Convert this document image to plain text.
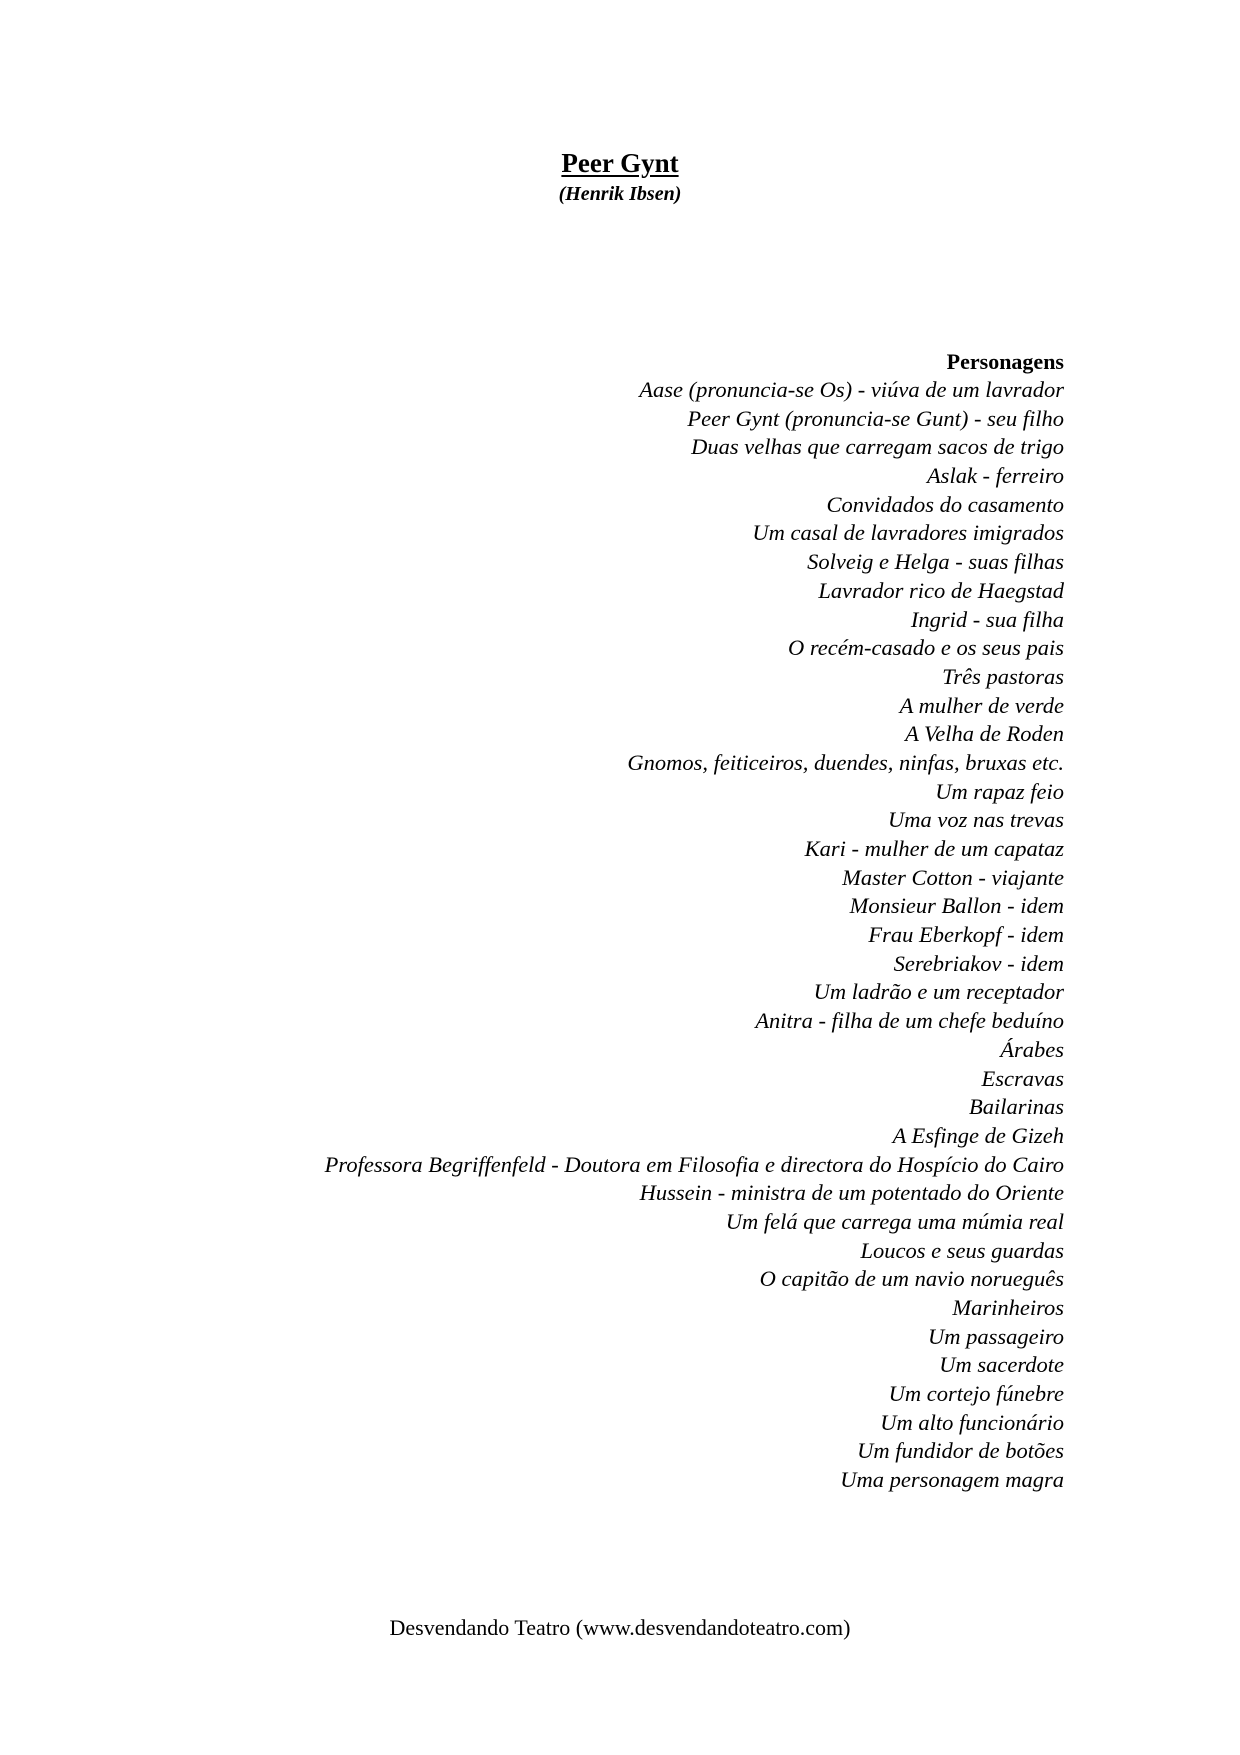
Peer Gynt
(Henrik Ibsen)
Personagens
Aase (pronuncia-se Os) - viúva de um lavrador
Peer Gynt (pronuncia-se Gunt) - seu filho
Duas velhas que carregam sacos de trigo
Aslak - ferreiro
Convidados do casamento
Um casal de lavradores imigrados
Solveig e Helga - suas filhas
Lavrador rico de Haegstad
Ingrid - sua filha
O recém-casado e os seus pais
Três pastoras
A mulher de verde
A Velha de Roden
Gnomos, feiticeiros, duendes, ninfas, bruxas etc.
Um rapaz feio
Uma voz nas trevas
Kari - mulher de um capataz
Master Cotton - viajante
Monsieur Ballon - idem
Frau Eberkopf - idem
Serebriakov - idem
Um ladrão e um receptador
Anitra - filha de um chefe beduíno
Árabes
Escravas
Bailarinas
A Esfinge de Gizeh
Professora Begriffenfeld - Doutora em Filosofia e directora do Hospício do Cairo
Hussein - ministra de um potentado do Oriente
Um felá que carrega uma múmia real
Loucos e seus guardas
O capitão de um navio norueguês
Marinheiros
Um passageiro
Um sacerdote
Um cortejo fúnebre
Um alto funcionário
Um fundidor de botões
Uma personagem magra
Desvendando Teatro (www.desvendandoteatro.com)
